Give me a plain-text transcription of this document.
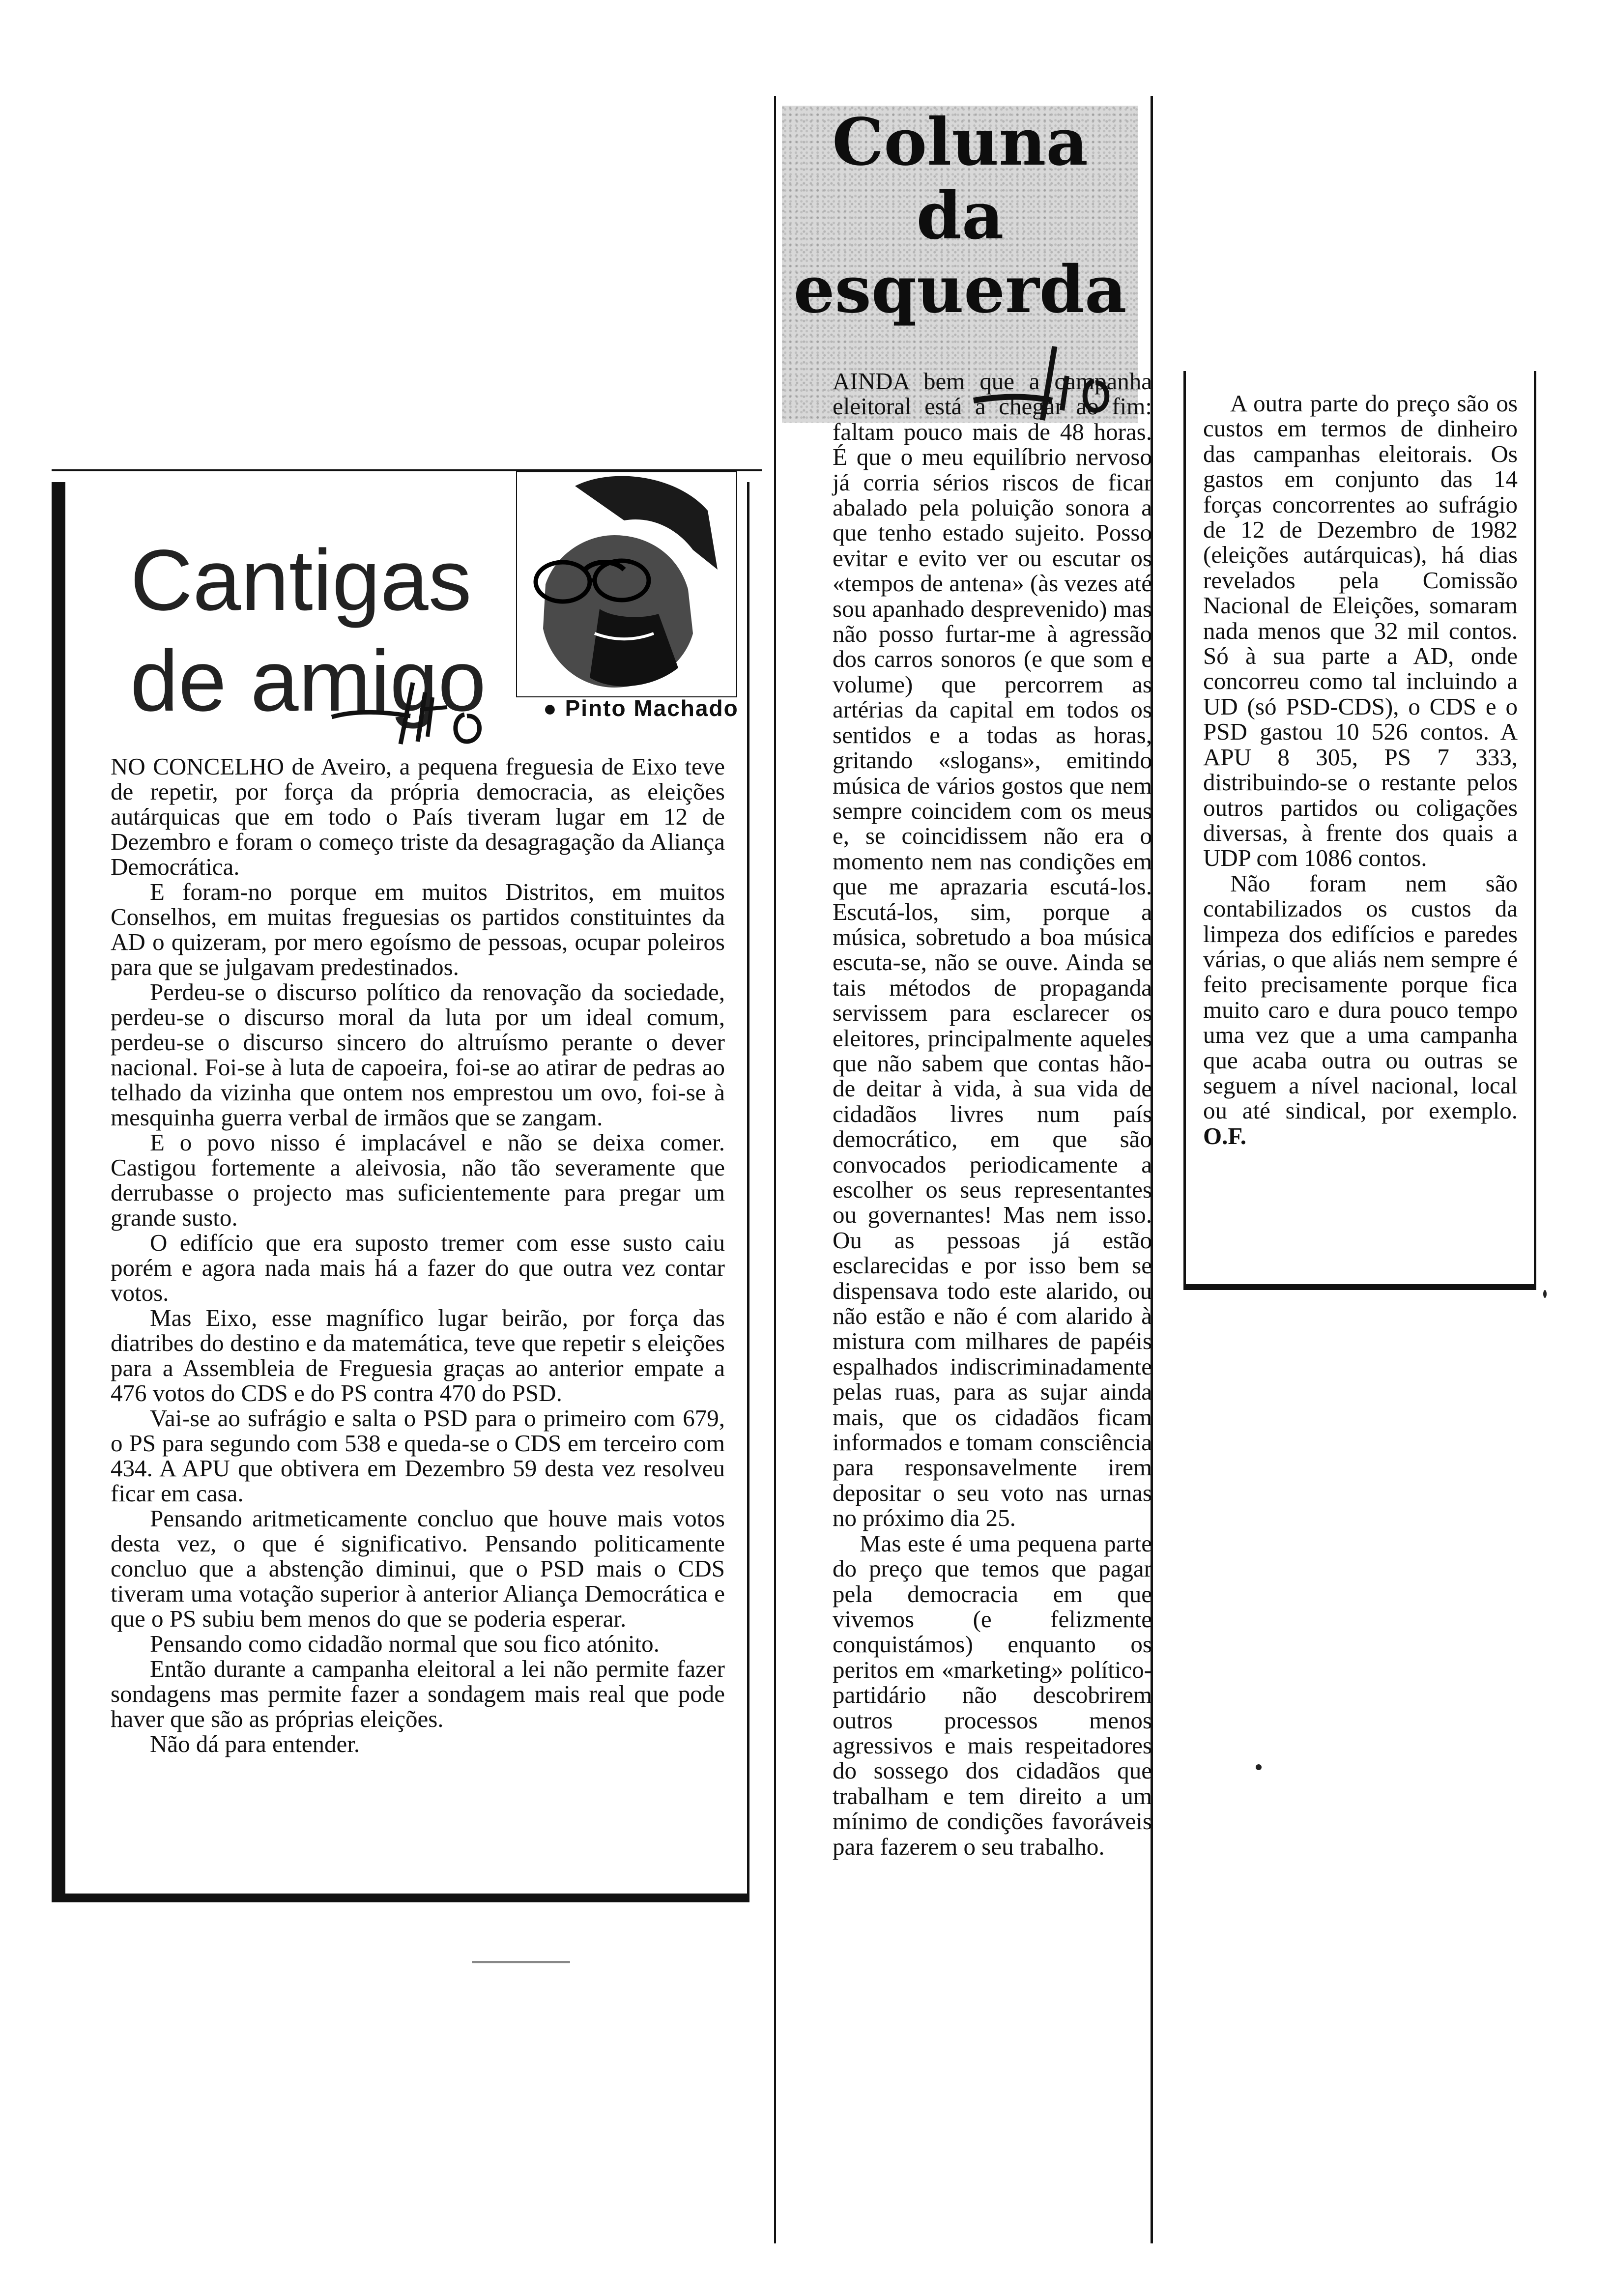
Cantigas
de amigo	● Pinto Machado

NO CONCELHO de Aveiro, a pequena freguesia de Eixo teve de repetir, por força da própria democracia, as eleições autárquicas que em todo o País tiveram lugar em 12 de Dezembro e foram o começo triste da desagragação da Aliança Democrática.

E foram-no porque em muitos Distritos, em muitos Conselhos, em muitas freguesias os partidos constituintes da AD o quizeram, por mero egoísmo de pessoas, ocupar poleiros para que se julgavam predestinados.

Perdeu-se o discurso político da renovação da sociedade, perdeu-se o discurso moral da luta por um ideal comum, perdeu-se o discurso sincero do altruísmo perante o dever nacional. Foi-se à luta de capoeira, foi-se ao atirar de pedras ao telhado da vizinha que ontem nos emprestou um ovo, foi-se à mesquinha guerra verbal de irmãos que se zangam.

E o povo nisso é implacável e não se deixa comer. Castigou fortemente a aleivosia, não tão severamente que derrubasse o projecto mas suficientemente para pregar um grande susto.

O edifício que era suposto tremer com esse susto caiu porém e agora nada mais há a fazer do que outra vez contar votos.

Mas Eixo, esse magnífico lugar beirão, por força das diatribes do destino e da matemática, teve que repetir s eleições para a Assembleia de Freguesia graças ao anterior empate a 476 votos do CDS e do PS contra 470 do PSD.

Vai-se ao sufrágio e salta o PSD para o primeiro com 679, o PS para segundo com 538 e queda-se o CDS em terceiro com 434. A APU que obtivera em Dezembro 59 desta vez resolveu ficar em casa.

Pensando aritmeticamente concluo que houve mais votos desta vez, o que é significativo. Pensando politicamente concluo que a abstenção diminui, que o PSD mais o CDS tiveram uma votação superior à anterior Aliança Democrática e que o PS subiu bem menos do que se poderia esperar.

Pensando como cidadão normal que sou fico atónito.

Então durante a campanha eleitoral a lei não permite fazer sondagens mas permite fazer a sondagem mais real que pode haver que são as próprias eleições.

Não dá para entender.

Coluna
da
esquerda

AINDA bem que a campanha eleitoral está a chegar ao fim: faltam pouco mais de 48 horas. É que o meu equilíbrio nervoso já corria sérios riscos de ficar abalado pela poluição sonora a que tenho estado sujeito. Posso evitar e evito ver ou escutar os «tempos de antena» (às vezes até sou apanhado desprevenido) mas não posso furtar-me à agressão dos carros sonoros (e que som e volume) que percorrem as artérias da capital em todos os sentidos e a todas as horas, gritando «slogans», emitindo música de vários gostos que nem sempre coincidem com os meus e, se coincidissem não era o momento nem nas condições em que me aprazaria escutá-los. Escutá-los, sim, porque a música, sobretudo a boa música escuta-se, não se ouve. Ainda se tais métodos de propaganda servissem para esclarecer os eleitores, principalmente aqueles que não sabem que contas hão-de deitar à vida, à sua vida de cidadãos livres num país democrático, em que são convocados periodicamente a escolher os seus representantes ou governantes! Mas nem isso. Ou as pessoas já estão esclarecidas e por isso bem se dispensava todo este alarido, ou não estão e não é com alarido à mistura com milhares de papéis espalhados indiscriminadamente pelas ruas, para as sujar ainda mais, que os cidadãos ficam informados e tomam consciência para responsavelmente irem depositar o seu voto nas urnas no próximo dia 25.

Mas este é uma pequena parte do preço que temos que pagar pela democracia em que vivemos (e felizmente conquistámos) enquanto os peritos em «marketing» político-partidário não descobrirem outros processos menos agressivos e mais respeitadores do sossego dos cidadãos que trabalham e tem direito a um mínimo de condições favoráveis para fazerem o seu trabalho.

A outra parte do preço são os custos em termos de dinheiro das campanhas eleitorais. Os gastos em conjunto das 14 forças concorrentes ao sufrágio de 12 de Dezembro de 1982 (eleições autárquicas), há dias revelados pela Comissão Nacional de Eleições, somaram nada menos que 32 mil contos. Só à sua parte a AD, onde concorreu como tal incluindo a UD (só PSD-CDS), o CDS e o PSD gastou 10 526 contos. A APU 8 305, PS 7 333, distribuindo-se o restante pelos outros partidos ou coligações diversas, à frente dos quais a UDP com 1086 contos.

Não foram nem são contabilizados os custos da limpeza dos edifícios e paredes várias, o que aliás nem sempre é feito precisamente porque fica muito caro e dura pouco tempo uma vez que a uma campanha que acaba outra ou outras se seguem a nível nacional, local ou até sindical, por exemplo. O.F.
